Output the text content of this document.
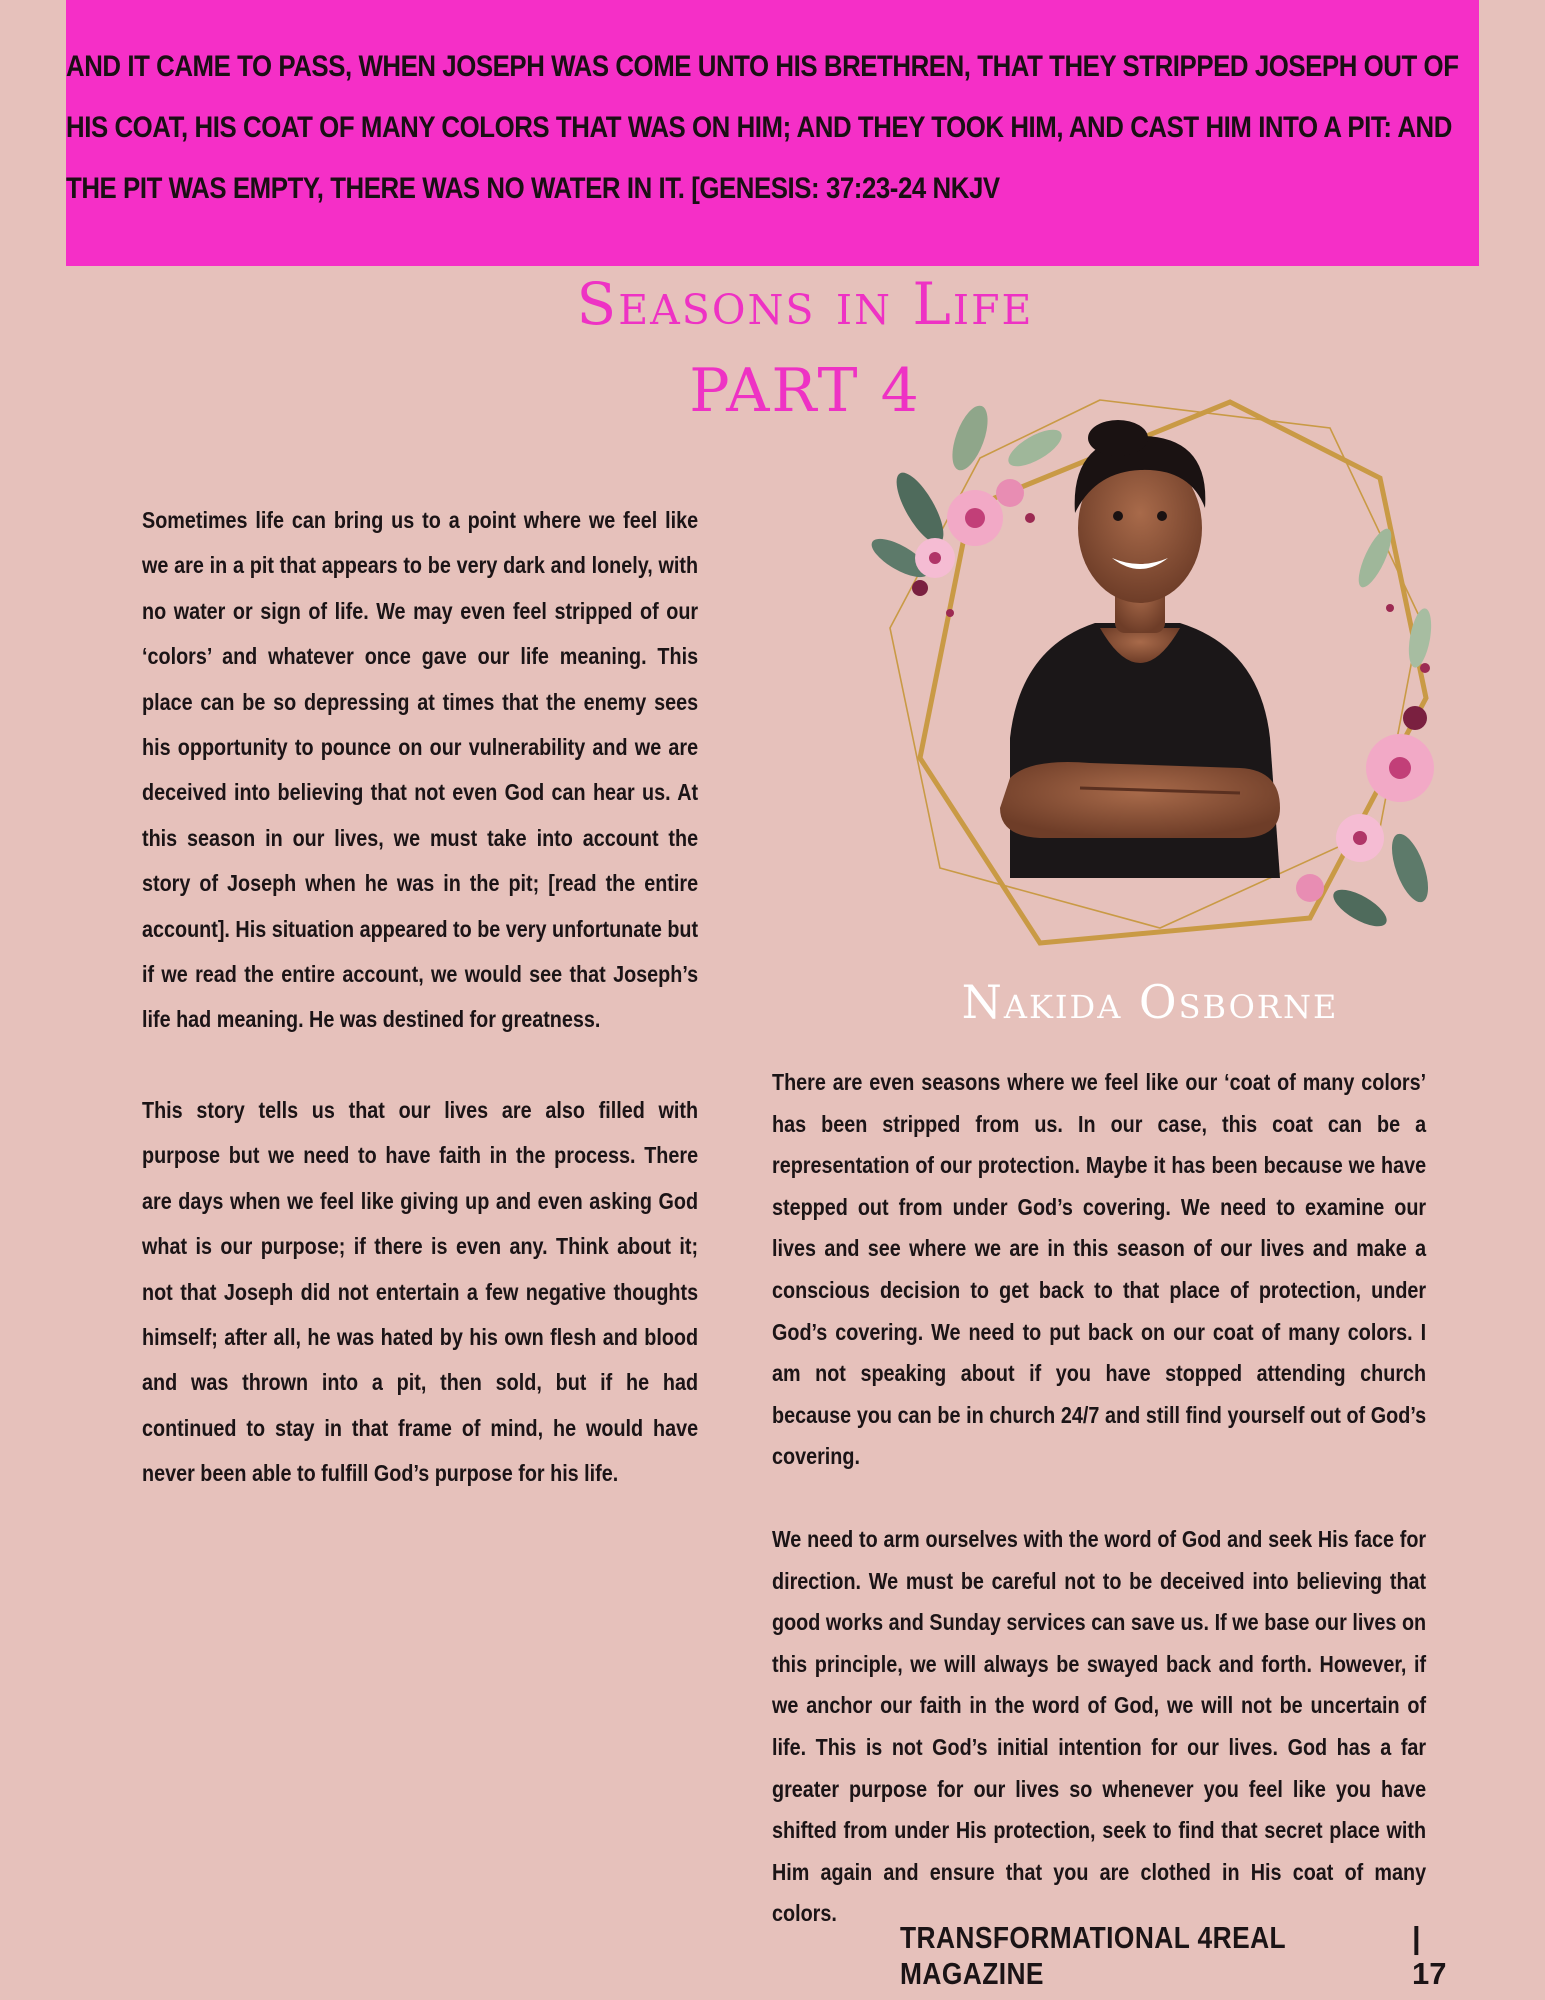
AND IT CAME TO PASS, WHEN JOSEPH WAS COME UNTO HIS BRETHREN, THAT THEY STRIPPED JOSEPH OUT OF HIS COAT, HIS COAT OF MANY COLORS THAT WAS ON HIM; AND THEY TOOK HIM, AND CAST HIM INTO A PIT: AND THE PIT WAS EMPTY, THERE WAS NO WATER IN IT. [GENESIS: 37:23-24 NKJV

Seasons in Life
PART 4

Sometimes life can bring us to a point where we feel like we are in a pit that appears to be very dark and lonely, with no water or sign of life. We may even feel stripped of our ‘colors’ and whatever once gave our life meaning. This place can be so depressing at times that the enemy sees his opportunity to pounce on our vulnerability and we are deceived into believing that not even God can hear us. At this season in our lives, we must take into account the story of Joseph when he was in the pit; [read the entire account]. His situation appeared to be very unfortunate but if we read the entire account, we would see that Joseph’s life had meaning. He was destined for greatness.

This story tells us that our lives are also filled with purpose but we need to have faith in the process. There are days when we feel like giving up and even asking God what is our purpose; if there is even any. Think about it; not that Joseph did not entertain a few negative thoughts himself; after all, he was hated by his own flesh and blood and was thrown into a pit, then sold, but if he had continued to stay in that frame of mind, he would have never been able to fulfill God’s purpose for his life.

Nakida Osborne

There are even seasons where we feel like our ‘coat of many colors’ has been stripped from us. In our case, this coat can be a representation of our protection. Maybe it has been because we have stepped out from under God’s covering. We need to examine our lives and see where we are in this season of our lives and make a conscious decision to get back to that place of protection, under God’s covering. We need to put back on our coat of many colors. I am not speaking about if you have stopped attending church because you can be in church 24/7 and still find yourself out of God’s covering.

We need to arm ourselves with the word of God and seek His face for direction. We must be careful not to be deceived into believing that good works and Sunday services can save us. If we base our lives on this principle, we will always be swayed back and forth. However, if we anchor our faith in the word of God, we will not be uncertain of life. This is not God’s initial intention for our lives. God has a far greater purpose for our lives so whenever you feel like you have shifted from under His protection, seek to find that secret place with Him again and ensure that you are clothed in His coat of many colors.

TRANSFORMATIONAL 4REAL MAGAZINE
| 17
